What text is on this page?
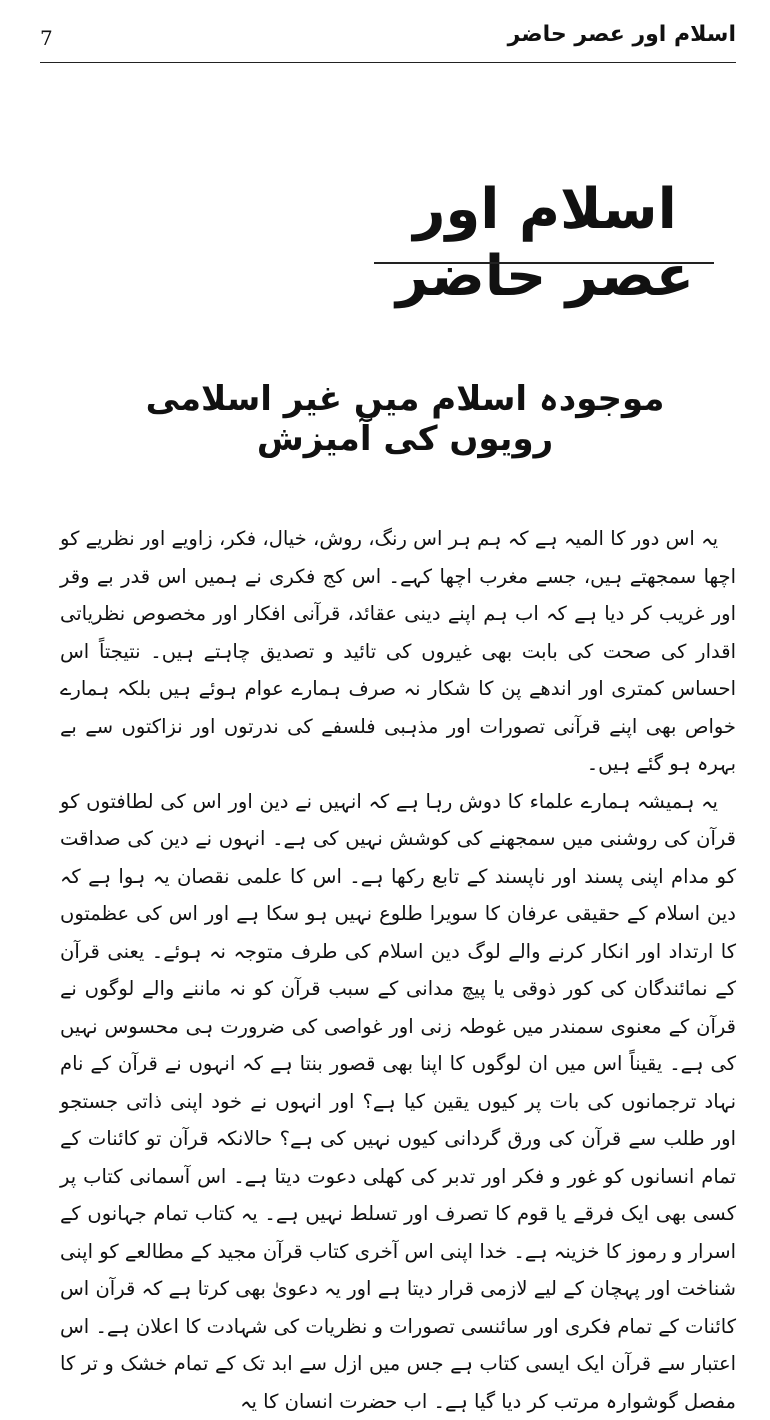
7	اسلام اور عصر حاضر
اسلام اور عصر حاضر
موجودہ اسلام میں غیر اسلامی رویوں کی آمیزش

یہ اس دور کا المیہ ہے کہ ہم ہر اس رنگ، روش، خیال، فکر، زاویے اور نظریے کو اچھا سمجھتے ہیں، جسے مغرب اچھا کہے۔ اس کج فکری نے ہمیں اس قدر بے وقر اور غریب کر دیا ہے کہ اب ہم اپنے دینی عقائد، قرآنی افکار اور مخصوص نظریاتی اقدار کی صحت کی بابت بھی غیروں کی تائید و تصدیق چاہتے ہیں۔ نتیجتاً اس احساس کمتری اور اندھے پن کا شکار نہ صرف ہمارے عوام ہوئے ہیں بلکہ ہمارے خواص بھی اپنے قرآنی تصورات اور مذہبی فلسفے کی ندرتوں اور نزاکتوں سے بے بہرہ ہو گئے ہیں۔

یہ ہمیشہ ہمارے علماء کا دوش رہا ہے کہ انہیں نے دین اور اس کی لطافتوں کو قرآن کی روشنی میں سمجھنے کی کوشش نہیں کی ہے۔ انہوں نے دین کی صداقت کو مدام اپنی پسند اور ناپسند کے تابع رکھا ہے۔ اس کا علمی نقصان یہ ہوا ہے کہ دین اسلام کے حقیقی عرفان کا سویرا طلوع نہیں ہو سکا ہے اور اس کی عظمتوں کا ارتداد اور انکار کرنے والے لوگ دین اسلام کی طرف متوجہ نہ ہوئے۔ یعنی قرآن کے نمائندگان کی کور ذوقی یا پیچ مدانی کے سبب قرآن کو نہ ماننے والے لوگوں نے قرآن کے معنوی سمندر میں غوطہ زنی اور غواصی کی ضرورت ہی محسوس نہیں کی ہے۔ یقیناً اس میں ان لوگوں کا اپنا بھی قصور بنتا ہے کہ انہوں نے قرآن کے نام نہاد ترجمانوں کی بات پر کیوں یقین کیا ہے؟ اور انہوں نے خود اپنی ذاتی جستجو اور طلب سے قرآن کی ورق گردانی کیوں نہیں کی ہے؟ حالانکہ قرآن تو کائنات کے تمام انسانوں کو غور و فکر اور تدبر کی کھلی دعوت دیتا ہے۔ اس آسمانی کتاب پر کسی بھی ایک فرقے یا قوم کا تصرف اور تسلط نہیں ہے۔ یہ کتاب تمام جہانوں کے اسرار و رموز کا خزینہ ہے۔ خدا اپنی اس آخری کتاب قرآن مجید کے مطالعے کو اپنی شناخت اور پہچان کے لیے لازمی قرار دیتا ہے اور یہ دعویٰ بھی کرتا ہے کہ قرآن اس کائنات کے تمام فکری اور سائنسی تصورات و نظریات کی شہادت کا اعلان ہے۔ اس اعتبار سے قرآن ایک ایسی کتاب ہے جس میں ازل سے ابد تک کے تمام خشک و تر کا مفصل گوشوارہ مرتب کر دیا گیا ہے۔ اب حضرت انسان کا یہ
